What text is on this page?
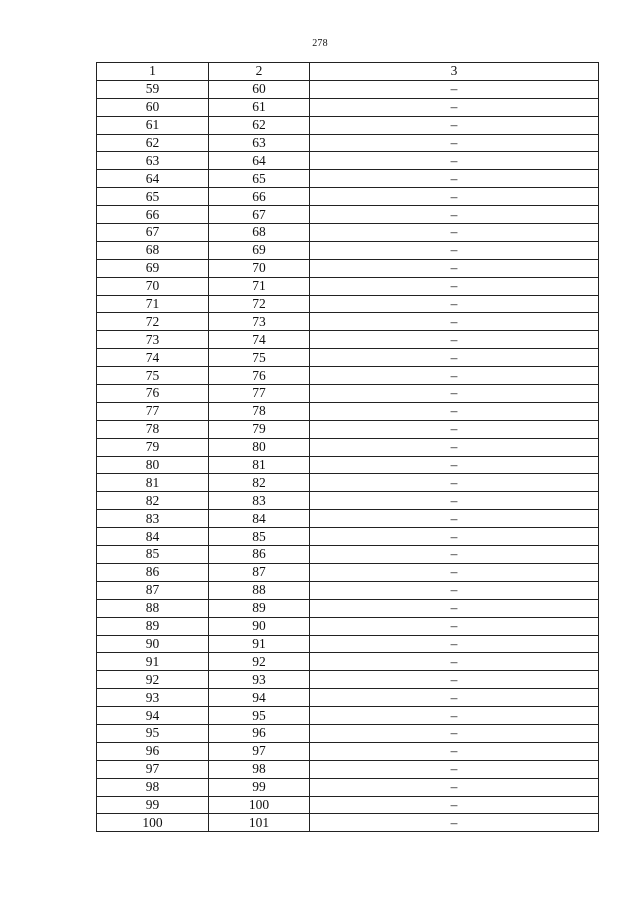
278
1	2	3
59	60	–
60	61	–
61	62	–
62	63	–
63	64	–
64	65	–
65	66	–
66	67	–
67	68	–
68	69	–
69	70	–
70	71	–
71	72	–
72	73	–
73	74	–
74	75	–
75	76	–
76	77	–
77	78	–
78	79	–
79	80	–
80	81	–
81	82	–
82	83	–
83	84	–
84	85	–
85	86	–
86	87	–
87	88	–
88	89	–
89	90	–
90	91	–
91	92	–
92	93	–
93	94	–
94	95	–
95	96	–
96	97	–
97	98	–
98	99	–
99	100	–
100	101	–
